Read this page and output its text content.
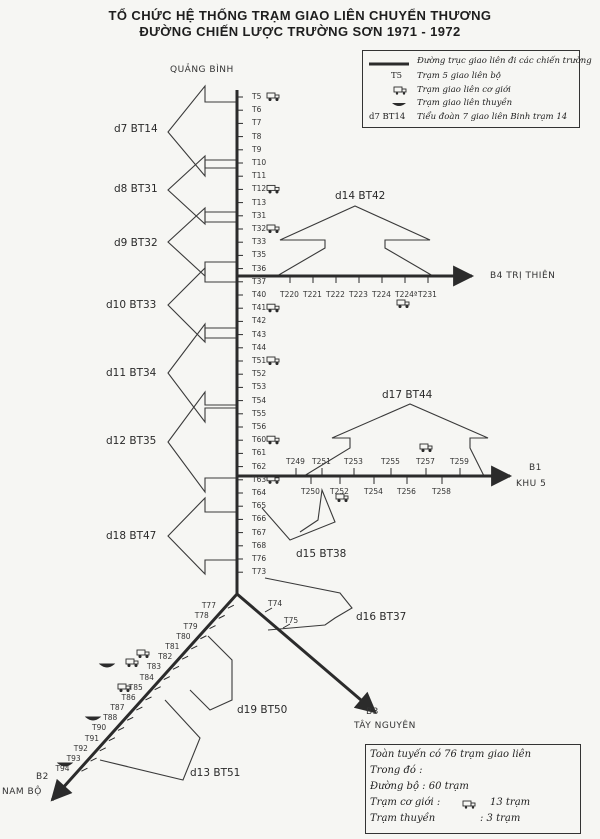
TỔ CHỨC HỆ THỐNG TRẠM GIAO LIÊN CHUYỂN THƯƠNG
ĐƯỜNG CHIẾN LƯỢC TRƯỜNG SƠN 1971 - 1972
QUẢNG BÌNH
B4 TRỊ THIÊN
B1
KHU 5
B3
TÂY NGUYÊN
B2
NAM BỘ
d7 BT14
d8 BT31
d9 BT32
d10 BT33
d11 BT34
d12 BT35
d18 BT47
d15 BT38
d16 BT37
d19 BT50
d13 BT51
d14 BT42
d17 BT44
T5
T6
T7
T8
T9
T10
T11
T12
T13
T31
T32
T33
T35
T36
T37
T40
T41
T42
T43
T44
T51
T52
T53
T54
T55
T56
T60
T61
T62
T63
T64
T65
T66
T67
T68
T76
T73
T220 T221 T222 T223 T224 T224ª T231
T249 T251 T253 T255 T257 T259
T250 T252 T254 T256 T258
T74
T75
T77
T78
T79
T80
T81
T82
T83
T84
T85
T86
T87
T88
T90
T91
T92
T93
T94
Đường trục giao liên đi các chiến trường
T5 Trạm 5 giao liên bộ
Trạm giao liên cơ giới
Trạm giao liên thuyền
d7 BT14 Tiểu đoàn 7 giao liên Binh trạm 14
Toàn tuyến có 76 trạm giao liên
Trong đó :
Đường bộ : 60 trạm
Trạm cơ giới :	13 trạm
Trạm thuyền	: 3 trạm
